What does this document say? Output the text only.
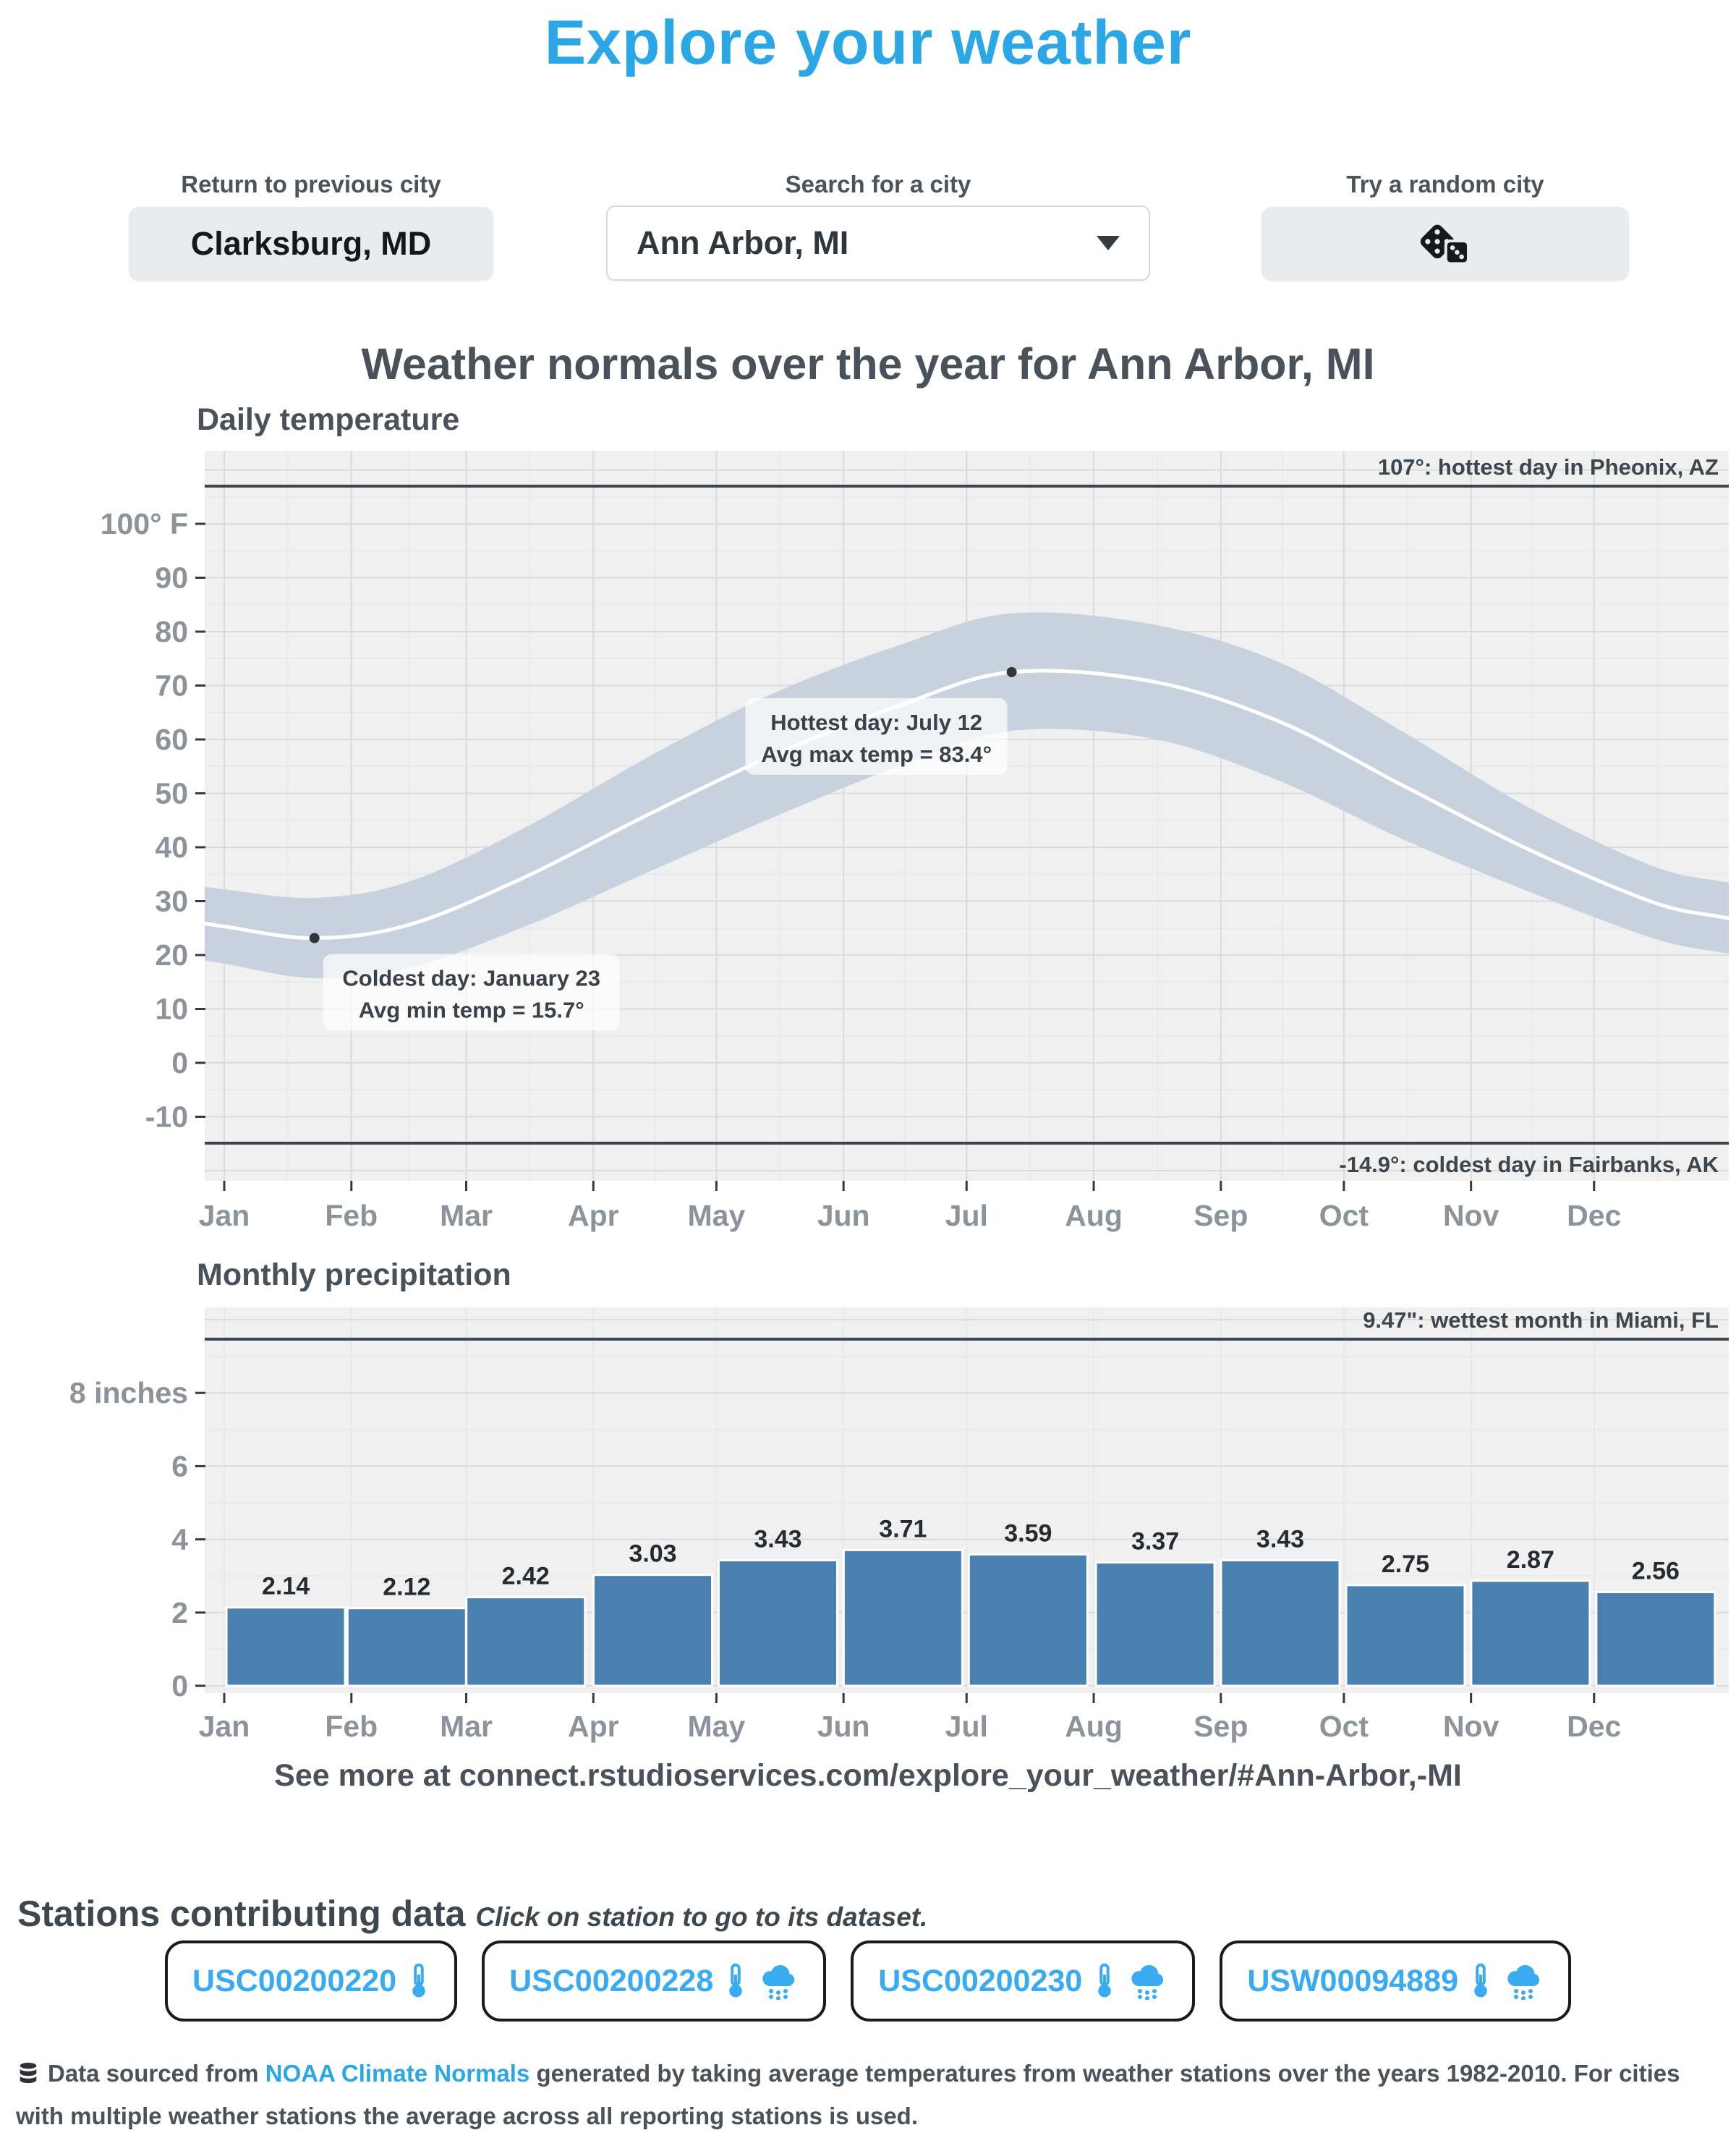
Explore your weather
Return to previous city	Search for a city	Try a random city
Clarksburg, MD	Ann Arbor, MI
Weather normals over the year for Ann Arbor, MI
Daily temperature
Monthly precipitation
107°: hottest day in Pheonix, AZ
-14.9°: coldest day in Fairbanks, AK
Hottest day: July 12
Avg max temp = 83.4°
Coldest day: January 23
Avg min temp = 15.7°
100° F
90
80
70
60
50
40
30
20
10
0
-10
Jan	Feb Mar	Apr May Jun	Jul	Aug Sep Oct	Nov Dec
2.14	2.12	2.42
3.03
3.43	3.71	3.59	3.37	3.43
2.75	2.87	2.56
9.47": wettest month in Miami, FL
0
2
4
6
8 inches
Jan	Feb Mar	Apr May Jun	Jul	Aug Sep Oct	Nov Dec
See more at connect.rstudioservices.com/explore_your_weather/#Ann-Arbor,-MI
Stations contributing data Click on station to go to its dataset.
USC00200220	USC00200228	USC00200230	USW00094889
Data sourced from NOAA Climate Normals generated by taking average temperatures from weather stations over the years 1982-2010. For cities with multiple weather stations the average across all reporting stations is used.
